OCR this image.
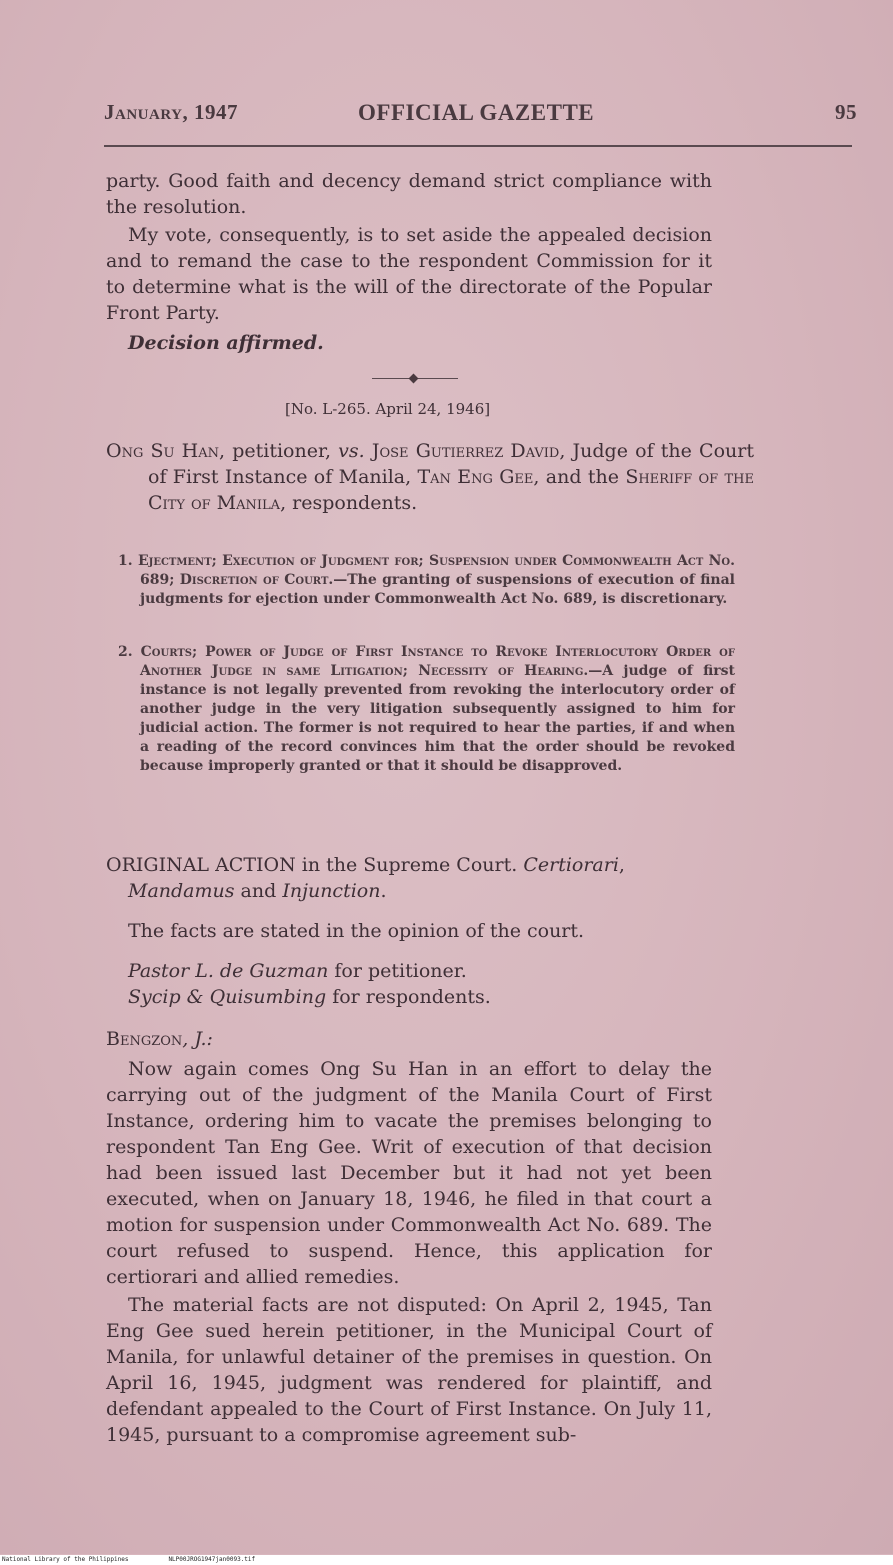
January, 1947	OFFICIAL GAZETTE	95

party. Good faith and decency demand strict compliance with the resolution.

My vote, consequently, is to set aside the appealed decision and to remand the case to the respondent Commission for it to determine what is the will of the directorate of the Popular Front Party.

Decision affirmed.

[No. L-265. April 24, 1946]

Ong Su Han, petitioner, vs. Jose Gutierrez David, Judge of the Court of First Instance of Manila, Tan Eng Gee, and the Sheriff of the City of Manila, respondents.

1. Ejectment; Execution of Judgment for; Suspension under Commonwealth Act No. 689; Discretion of Court.—The granting of suspensions of execution of final judgments for ejection under Commonwealth Act No. 689, is discretionary.

2. Courts; Power of Judge of First Instance to Revoke Interlocutory Order of Another Judge in same Litigation; Necessity of Hearing.—A judge of first instance is not legally prevented from revoking the interlocutory order of another judge in the very litigation subsequently assigned to him for judicial action. The former is not required to hear the parties, if and when a reading of the record convinces him that the order should be revoked because improperly granted or that it should be disapproved.

ORIGINAL ACTION in the Supreme Court. Certiorari, Mandamus and Injunction.

The facts are stated in the opinion of the court.

Pastor L. de Guzman for petitioner.

Sycip & Quisumbing for respondents.

Bengzon, J.:

Now again comes Ong Su Han in an effort to delay the carrying out of the judgment of the Manila Court of First Instance, ordering him to vacate the premises belonging to respondent Tan Eng Gee. Writ of execution of that decision had been issued last December but it had not yet been executed, when on January 18, 1946, he filed in that court a motion for suspension under Commonwealth Act No. 689. The court refused to suspend. Hence, this application for certiorari and allied remedies.

The material facts are not disputed: On April 2, 1945, Tan Eng Gee sued herein petitioner, in the Municipal Court of Manila, for unlawful detainer of the premises in question. On April 16, 1945, judgment was rendered for plaintiff, and defendant appealed to the Court of First Instance. On July 11, 1945, pursuant to a compromise agreement sub-

National Library of the Philippines	NLP00JROG1947jan0093.tif
